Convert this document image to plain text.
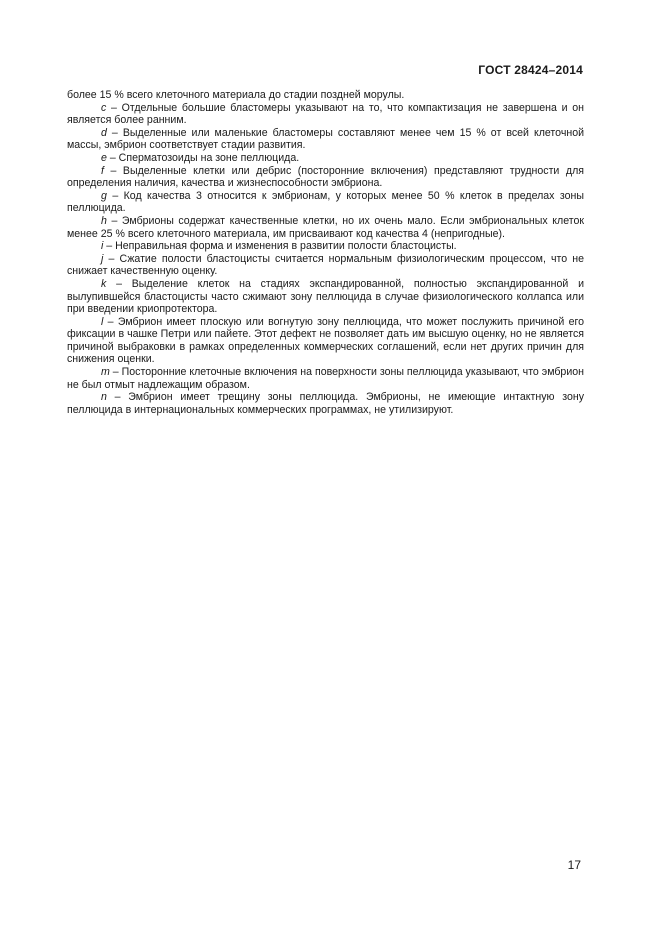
ГОСТ 28424–2014

более 15 % всего клеточного материала до стадии поздней морулы.

c – Отдельные большие бластомеры указывают на то, что компактизация не завершена и он является более ранним.

d – Выделенные или маленькие бластомеры составляют менее чем 15 % от всей клеточной массы, эмбрион соответствует стадии развития.

e – Сперматозоиды на зоне пеллюцида.

f – Выделенные клетки или дебрис (посторонние включения) представляют трудности для определения наличия, качества и жизнеспособности эмбриона.

g – Код качества 3 относится к эмбрионам, у которых менее 50 % клеток в пределах зоны пеллюцида.

h – Эмбрионы содержат качественные клетки, но их очень мало. Если эмбриональных клеток менее 25 % всего клеточного материала, им присваивают код качества 4 (непригодные).

i – Неправильная форма и изменения в развитии полости бластоцисты.

j – Сжатие полости бластоцисты считается нормальным физиологическим процессом, что не снижает качественную оценку.

k – Выделение клеток на стадиях экспандированной, полностью экспандированной и вылупившейся бластоцисты часто сжимают зону пеллюцида в случае физиологического коллапса или при введении криопротектора.

l – Эмбрион имеет плоскую или вогнутую зону пеллюцида, что может послужить причиной его фиксации в чашке Петри или пайете. Этот дефект не позволяет дать им высшую оценку, но не является причиной выбраковки в рамках определенных коммерческих соглашений, если нет других причин для снижения оценки.

m – Посторонние клеточные включения на поверхности зоны пеллюцида указывают, что эмбрион не был отмыт надлежащим образом.

n – Эмбрион имеет трещину зоны пеллюцида. Эмбрионы, не имеющие интактную зону пеллюцида в интернациональных коммерческих программах, не утилизируют.

17
